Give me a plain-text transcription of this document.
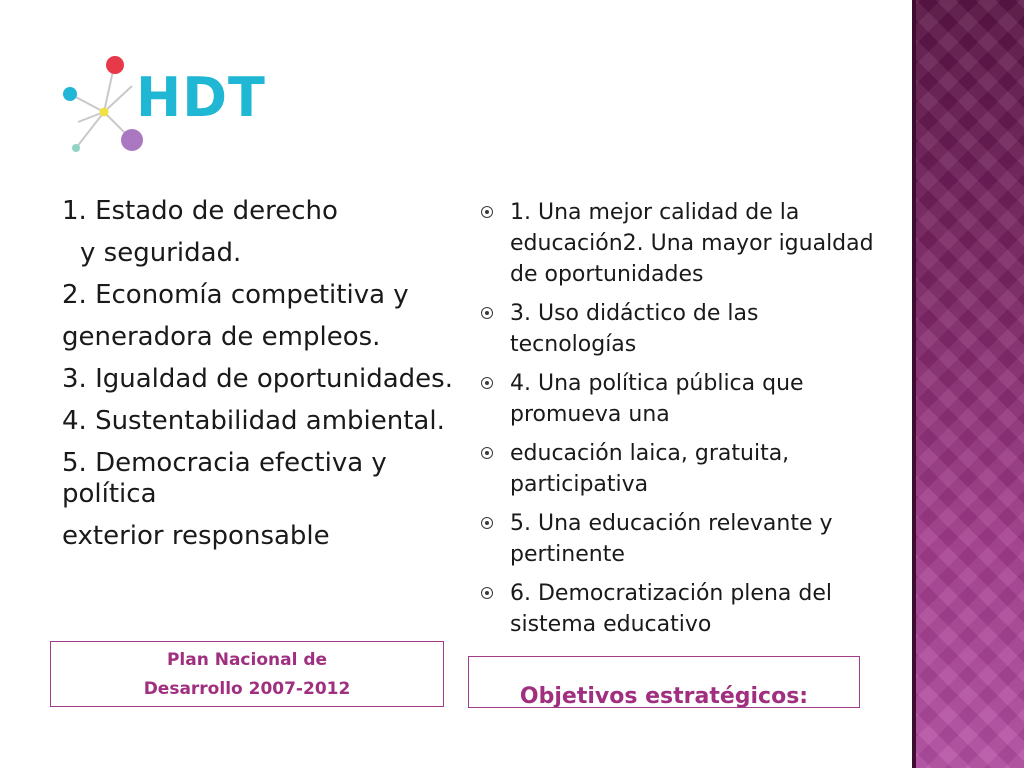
HDT
1. Estado de derecho
y seguridad.
2. Economía competitiva y
generadora de empleos.
3. Igualdad de oportunidades.
4. Sustentabilidad ambiental.
5. Democracia efectiva y política
exterior responsable
1. Una mejor calidad de la educación2. Una mayor igualdad de oportunidades
3. Uso didáctico de las tecnologías
4. Una política pública que promueva una
educación laica, gratuita, participativa
5. Una educación relevante y pertinente
6. Democratización plena del sistema educativo
Plan Nacional de
Desarrollo 2007-2012	Objetivos estratégicos:
